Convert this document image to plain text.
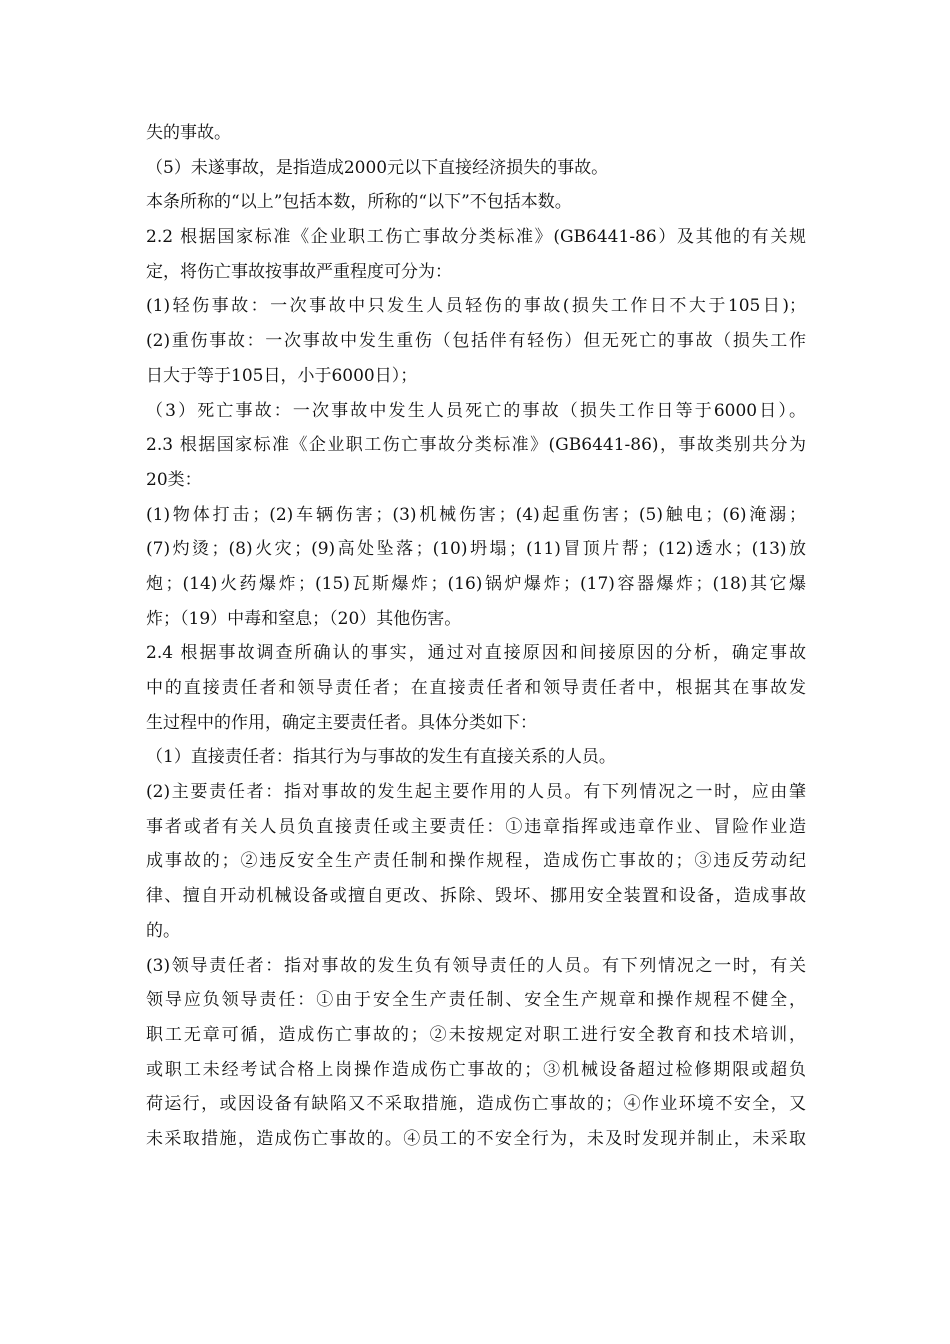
失的事故。
（5）未遂事故，是指造成2000元以下直接经济损失的事故。
本条所称的“以上”包括本数，所称的“以下”不包括本数。
2.2 根据国家标准《企业职工伤亡事故分类标准》(GB6441-86）及其他的有关规
定，将伤亡事故按事故严重程度可分为：
(1)轻伤事故：一次事故中只发生人员轻伤的事故(损失工作日不大于105日)；
(2)重伤事故：一次事故中发生重伤（包括伴有轻伤）但无死亡的事故（损失工作
日大于等于105日，小于6000日）；
（3）死亡事故：一次事故中发生人员死亡的事故（损失工作日等于6000日）。
2.3 根据国家标准《企业职工伤亡事故分类标准》(GB6441-86)，事故类别共分为
20类：
(1)物体打击；(2)车辆伤害；(3)机械伤害；(4)起重伤害；(5)触电；(6)淹溺；
(7)灼烫；(8)火灾；(9)高处坠落；(10)坍塌；(11)冒顶片帮；(12)透水；(13)放
炮；(14)火药爆炸；(15)瓦斯爆炸；(16)锅炉爆炸；(17)容器爆炸；(18)其它爆
炸；（19）中毒和窒息；（20）其他伤害。
2.4 根据事故调查所确认的事实，通过对直接原因和间接原因的分析，确定事故
中的直接责任者和领导责任者；在直接责任者和领导责任者中，根据其在事故发
生过程中的作用，确定主要责任者。具体分类如下：
（1）直接责任者：指其行为与事故的发生有直接关系的人员。
(2)主要责任者：指对事故的发生起主要作用的人员。有下列情况之一时，应由肇
事者或者有关人员负直接责任或主要责任：①违章指挥或违章作业、冒险作业造
成事故的；②违反安全生产责任制和操作规程，造成伤亡事故的；③违反劳动纪
律、擅自开动机械设备或擅自更改、拆除、毁坏、挪用安全装置和设备，造成事故
的。
(3)领导责任者：指对事故的发生负有领导责任的人员。有下列情况之一时，有关
领导应负领导责任：①由于安全生产责任制、安全生产规章和操作规程不健全，
职工无章可循，造成伤亡事故的；②未按规定对职工进行安全教育和技术培训，
或职工未经考试合格上岗操作造成伤亡事故的；③机械设备超过检修期限或超负
荷运行，或因设备有缺陷又不采取措施，造成伤亡事故的；④作业环境不安全，又
未采取措施，造成伤亡事故的。④员工的不安全行为，未及时发现并制止，未采取
